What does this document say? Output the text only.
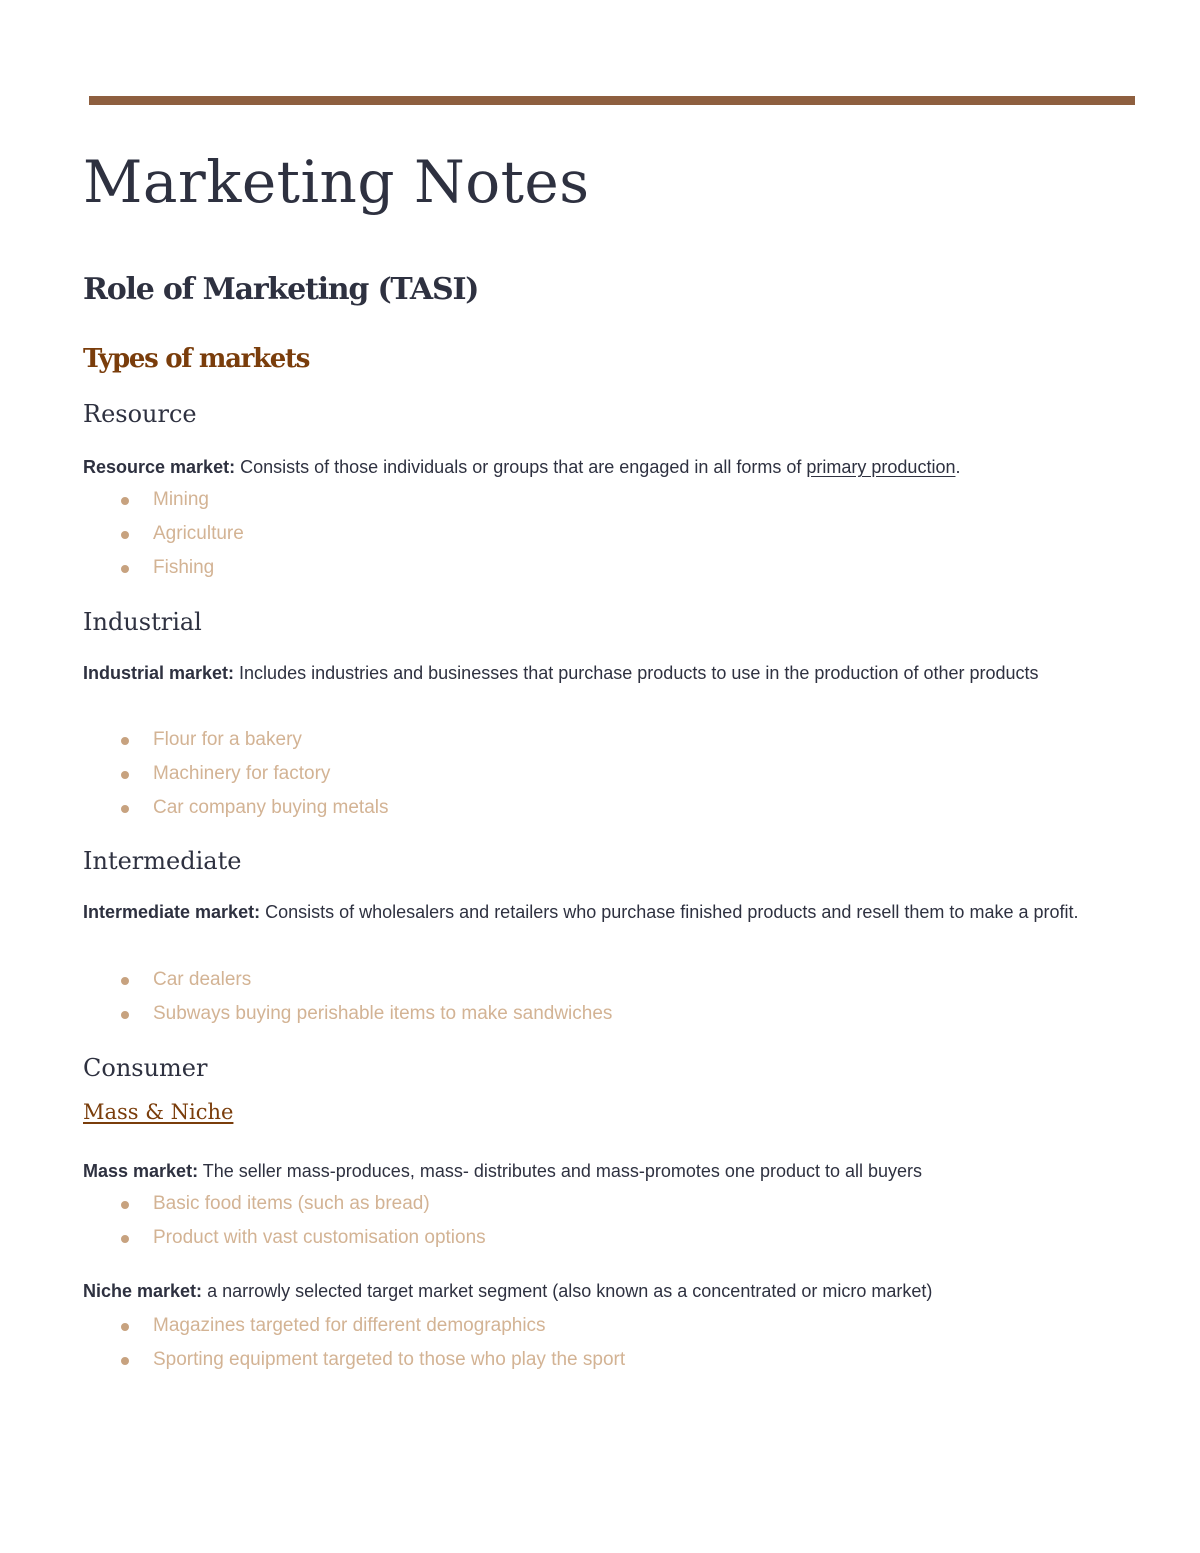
Marketing Notes
Role of Marketing (TASI)
Types of markets
Resource

Resource market: Consists of those individuals or groups that are engaged in all forms of primary production.

Mining
Agriculture
Fishing
Industrial

Industrial market: Includes industries and businesses that purchase products to use in the production of other products

Flour for a bakery
Machinery for factory
Car company buying metals
Intermediate

Intermediate market: Consists of wholesalers and retailers who purchase finished products and resell them to make a profit.

Car dealers
Subways buying perishable items to make sandwiches
Consumer
Mass & Niche

Mass market: The seller mass-produces, mass- distributes and mass-promotes one product to all buyers

Basic food items (such as bread)
Product with vast customisation options

Niche market: a narrowly selected target market segment (also known as a concentrated or micro market)

Magazines targeted for different demographics
Sporting equipment targeted to those who play the sport
